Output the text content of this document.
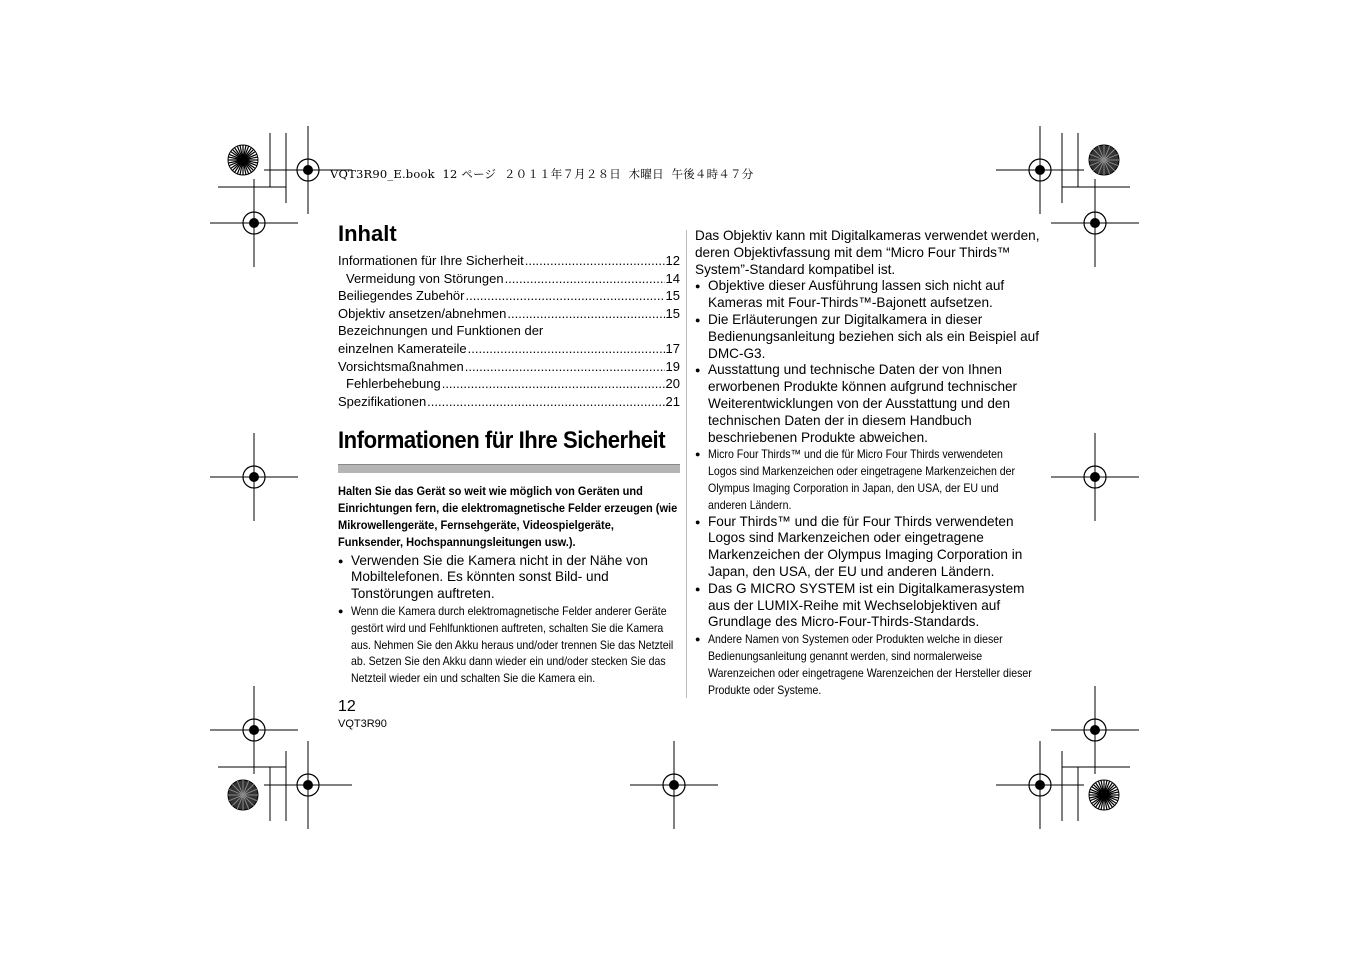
VQT3R90_E.book  12 ページ  ２０１１年７月２８日  木曜日  午後４時４７分
Inhalt
Informationen für Ihre Sicherheit .....	12
Vermeidung von Störungen .....	14
Beiliegendes Zubehör .....	15
Objektiv ansetzen/abnehmen .....	15
Bezeichnungen und Funktionen der
einzelnen Kamerateile .....	17
Vorsichtsmaßnahmen .....	19
Fehlerbehebung .....	20
Spezifikationen .....	21
Informationen für Ihre Sicherheit

Halten Sie das Gerät so weit wie möglich von Geräten und Einrichtungen fern, die elektromagnetische Felder erzeugen (wie Mikrowellengeräte, Fernsehgeräte, Videospielgeräte, Funksender, Hochspannungsleitungen usw.).

● Verwenden Sie die Kamera nicht in der Nähe von Mobiltelefonen. Es könnten sonst Bild- und Tonstörungen auftreten.
● Wenn die Kamera durch elektromagnetische Felder anderer Geräte gestört wird und Fehlfunktionen auftreten, schalten Sie die Kamera aus. Nehmen Sie den Akku heraus und/oder trennen Sie das Netzteil ab. Setzen Sie den Akku dann wieder ein und/oder stecken Sie das Netzteil wieder ein und schalten Sie die Kamera ein.

Das Objektiv kann mit Digitalkameras verwendet werden, deren Objektivfassung mit dem “Micro Four Thirds™ System”-Standard kompatibel ist.

● Objektive dieser Ausführung lassen sich nicht auf Kameras mit Four-Thirds™-Bajonett aufsetzen.
● Die Erläuterungen zur Digitalkamera in dieser Bedienungsanleitung beziehen sich als ein Beispiel auf DMC-G3.
● Ausstattung und technische Daten der von Ihnen erworbenen Produkte können aufgrund technischer Weiterentwicklungen von der Ausstattung und den technischen Daten der in diesem Handbuch beschriebenen Produkte abweichen.
● Micro Four Thirds™ und die für Micro Four Thirds verwendeten Logos sind Markenzeichen oder eingetragene Markenzeichen der Olympus Imaging Corporation in Japan, den USA, der EU und anderen Ländern.
● Four Thirds™ und die für Four Thirds verwendeten Logos sind Markenzeichen oder eingetragene Markenzeichen der Olympus Imaging Corporation in Japan, den USA, der EU und anderen Ländern.
● Das G MICRO SYSTEM ist ein Digitalkamerasystem aus der LUMIX-Reihe mit Wechselobjektiven auf Grundlage des Micro-Four-Thirds-Standards.
● Andere Namen von Systemen oder Produkten welche in dieser Bedienungsanleitung genannt werden, sind normalerweise Warenzeichen oder eingetragene Warenzeichen der Hersteller dieser Produkte oder Systeme.
12
VQT3R90
